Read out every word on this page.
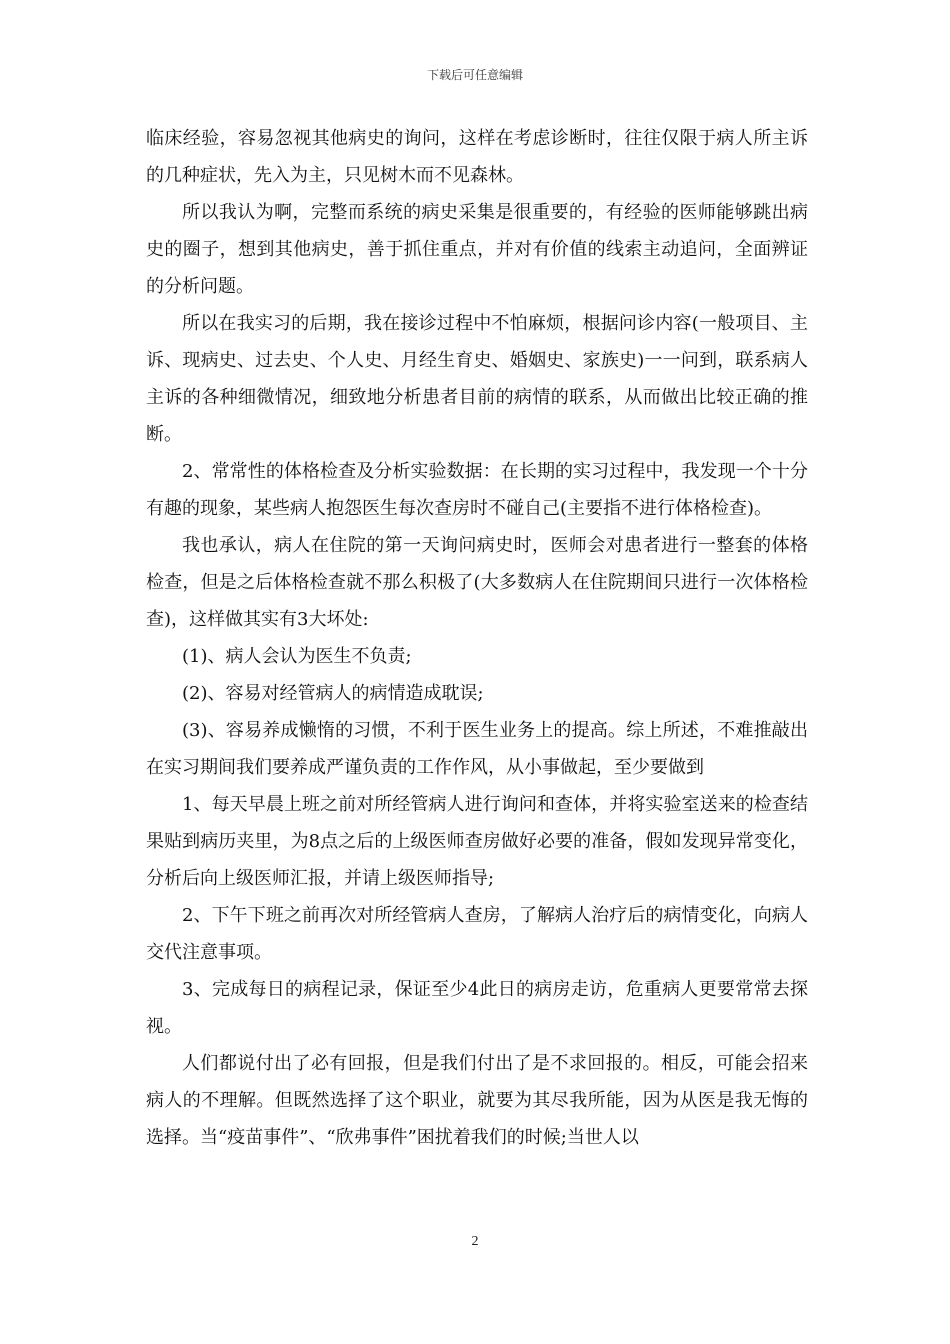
下载后可任意编辑

临床经验，容易忽视其他病史的询问，这样在考虑诊断时，往往仅限于病人所主诉的几种症状，先入为主，只见树木而不见森林。

所以我认为啊，完整而系统的病史采集是很重要的，有经验的医师能够跳出病史的圈子，想到其他病史，善于抓住重点，并对有价值的线索主动追问，全面辨证的分析问题。

所以在我实习的后期，我在接诊过程中不怕麻烦，根据问诊内容(一般项目、主诉、现病史、过去史、个人史、月经生育史、婚姻史、家族史)一一问到，联系病人主诉的各种细微情况，细致地分析患者目前的病情的联系，从而做出比较正确的推断。

2、常常性的体格检查及分析实验数据：在长期的实习过程中，我发现一个十分有趣的现象，某些病人抱怨医生每次查房时不碰自己(主要指不进行体格检查)。

我也承认，病人在住院的第一天询问病史时，医师会对患者进行一整套的体格检查，但是之后体格检查就不那么积极了(大多数病人在住院期间只进行一次体格检查)，这样做其实有3大坏处:

(1)、病人会认为医生不负责;

(2)、容易对经管病人的病情造成耽误;

(3)、容易养成懒惰的习惯，不利于医生业务上的提高。综上所述，不难推敲出在实习期间我们要养成严谨负责的工作作风，从小事做起，至少要做到

1、每天早晨上班之前对所经管病人进行询问和查体，并将实验室送来的检查结果贴到病历夹里，为8点之后的上级医师查房做好必要的准备，假如发现异常变化，分析后向上级医师汇报，并请上级医师指导;

2、下午下班之前再次对所经管病人查房，了解病人治疗后的病情变化，向病人交代注意事项。

3、完成每日的病程记录，保证至少4此日的病房走访，危重病人更要常常去探视。

人们都说付出了必有回报，但是我们付出了是不求回报的。相反，可能会招来病人的不理解。但既然选择了这个职业，就要为其尽我所能，因为从医是我无悔的选择。当“疫苗事件”、“欣弗事件”困扰着我们的时候;当世人以

2
